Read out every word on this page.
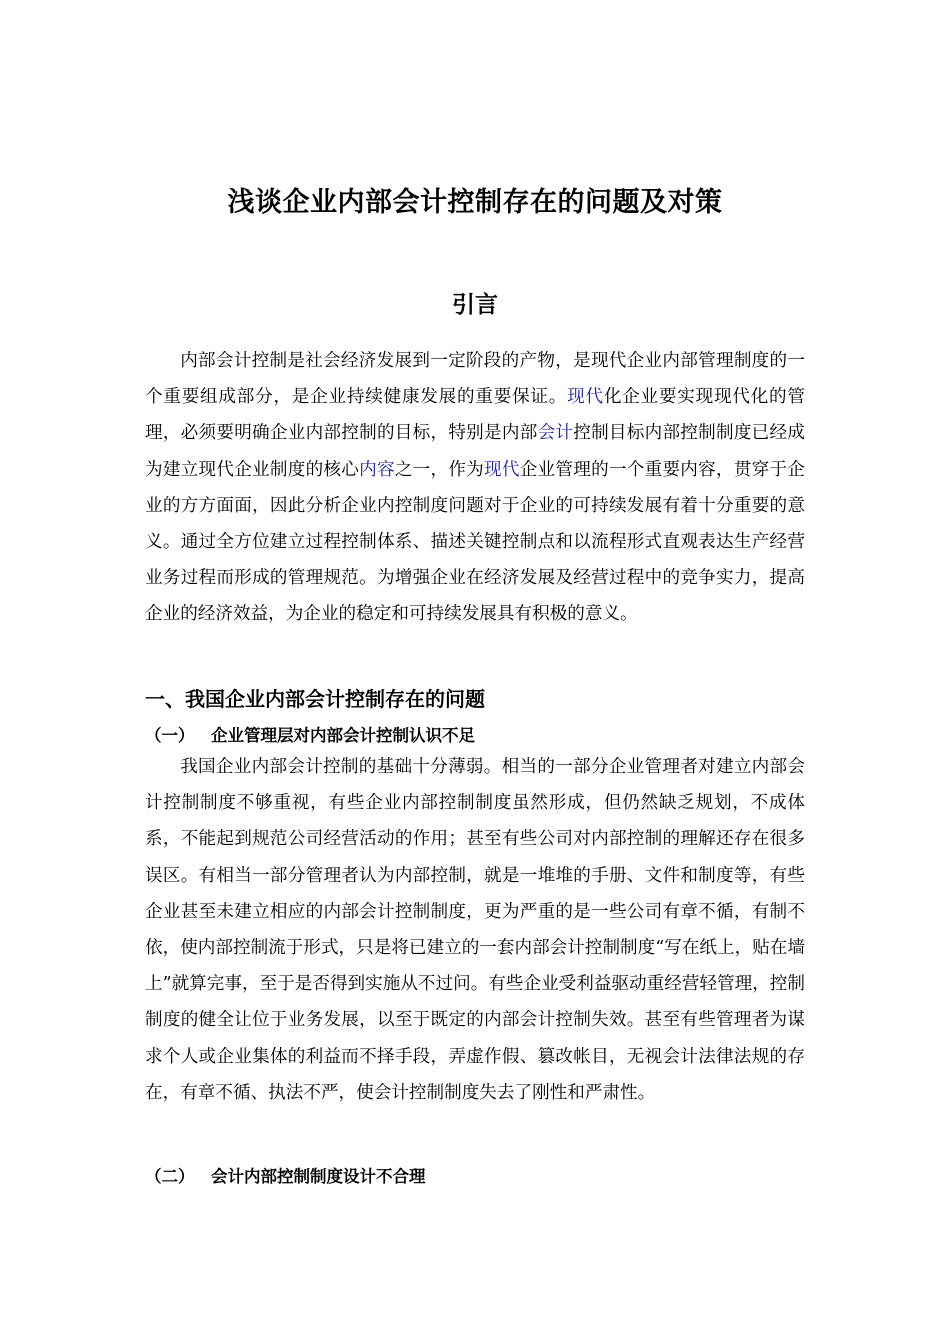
浅谈企业内部会计控制存在的问题及对策
引言

内部会计控制是社会经济发展到一定阶段的产物，是现代企业内部管理制度的一个重要组成部分，是企业持续健康发展的重要保证。现代化企业要实现现代化的管理，必须要明确企业内部控制的目标，特别是内部会计控制目标内部控制制度已经成为建立现代企业制度的核心内容之一，作为现代企业管理的一个重要内容，贯穿于企业的方方面面，因此分析企业内控制度问题对于企业的可持续发展有着十分重要的意义。通过全方位建立过程控制体系、描述关键控制点和以流程形式直观表达生产经营业务过程而形成的管理规范。为增强企业在经济发展及经营过程中的竞争实力，提高企业的经济效益，为企业的稳定和可持续发展具有积极的意义。

一、我国企业内部会计控制存在的问题
（一） 企业管理层对内部会计控制认识不足

我国企业内部会计控制的基础十分薄弱。相当的一部分企业管理者对建立内部会计控制制度不够重视，有些企业内部控制制度虽然形成，但仍然缺乏规划，不成体系，不能起到规范公司经营活动的作用；甚至有些公司对内部控制的理解还存在很多误区。有相当一部分管理者认为内部控制，就是一堆堆的手册、文件和制度等，有些企业甚至未建立相应的内部会计控制制度，更为严重的是一些公司有章不循，有制不依，使内部控制流于形式，只是将已建立的一套内部会计控制制度“写在纸上，贴在墙上”就算完事，至于是否得到实施从不过问。有些企业受利益驱动重经营轻管理，控制制度的健全让位于业务发展，以至于既定的内部会计控制失效。甚至有些管理者为谋求个人或企业集体的利益而不择手段，弄虚作假、篡改帐目，无视会计法律法规的存在，有章不循、执法不严，使会计控制制度失去了刚性和严肃性。

（二） 会计内部控制制度设计不合理
